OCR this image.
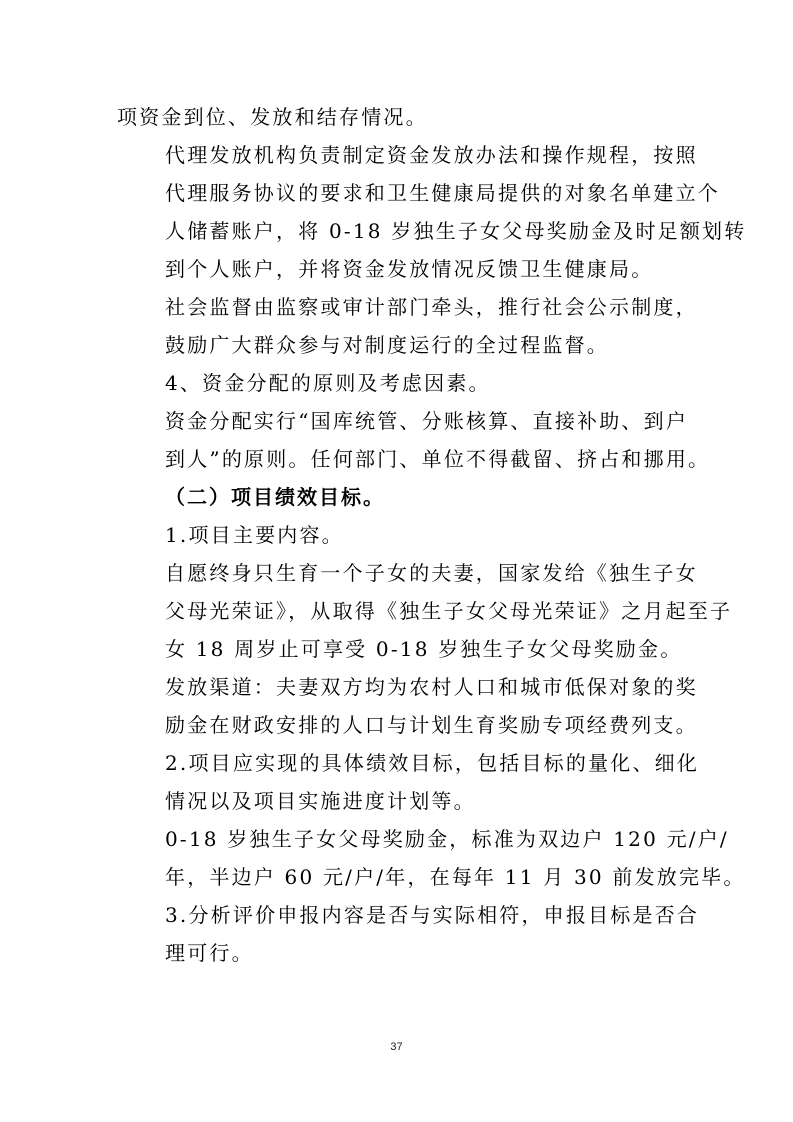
项资金到位、发放和结存情况。

代理发放机构负责制定资金发放办法和操作规程，按照
代理服务协议的要求和卫生健康局提供的对象名单建立个
人储蓄账户，将 0-18 岁独生子女父母奖励金及时足额划转
到个人账户，并将资金发放情况反馈卫生健康局。

社会监督由监察或审计部门牵头，推行社会公示制度，
鼓励广大群众参与对制度运行的全过程监督。

4、资金分配的原则及考虑因素。

资金分配实行“国库统管、分账核算、直接补助、到户
到人”的原则。任何部门、单位不得截留、挤占和挪用。

（二）项目绩效目标。

1.项目主要内容。

自愿终身只生育一个子女的夫妻，国家发给《独生子女
父母光荣证》，从取得《独生子女父母光荣证》之月起至子
女 18 周岁止可享受 0-18 岁独生子女父母奖励金。

发放渠道：夫妻双方均为农村人口和城市低保对象的奖
励金在财政安排的人口与计划生育奖励专项经费列支。

2.项目应实现的具体绩效目标，包括目标的量化、细化
情况以及项目实施进度计划等。

0-18 岁独生子女父母奖励金，标准为双边户 120 元/户/
年，半边户 60 元/户/年，在每年 11 月 30 前发放完毕。

3.分析评价申报内容是否与实际相符，申报目标是否合
理可行。

37
